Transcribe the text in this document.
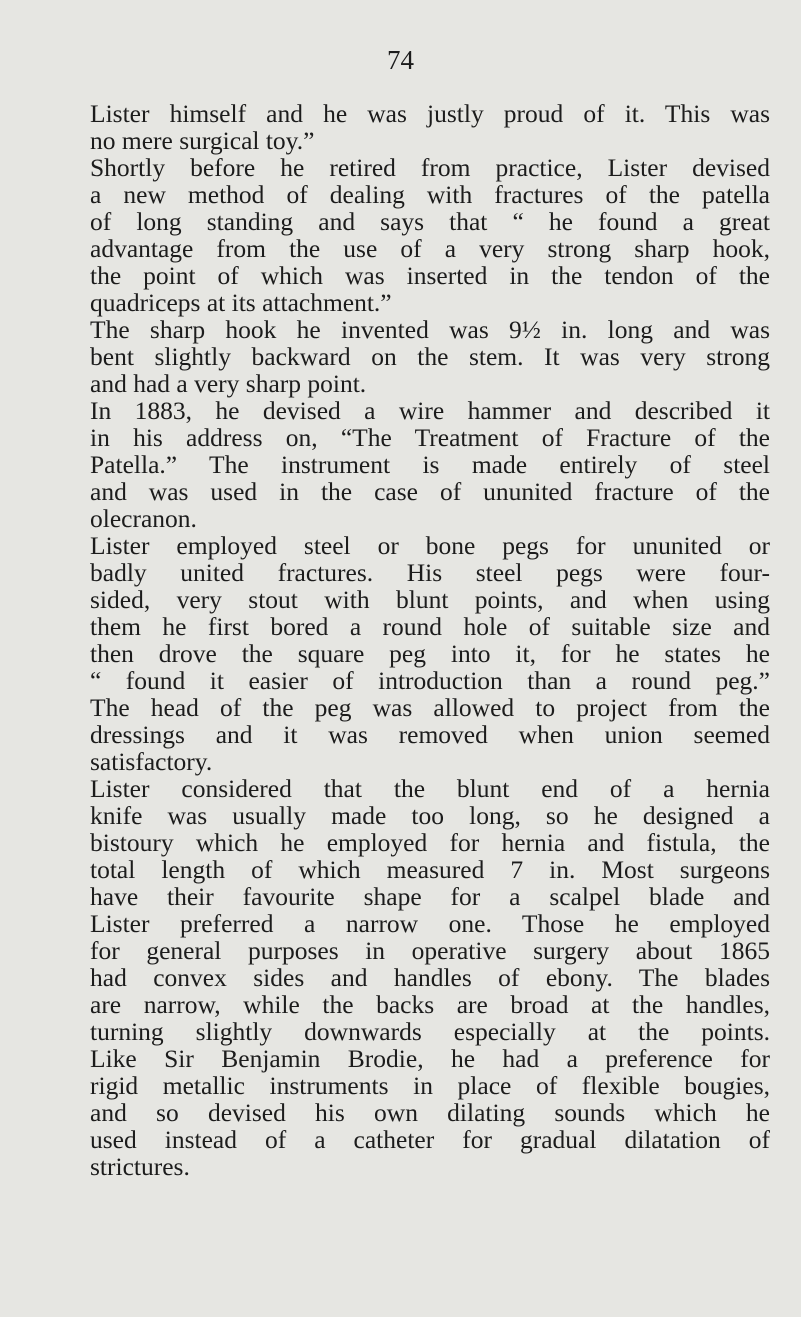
74
Lister himself and he was justly proud of it. This was
no mere surgical toy.”
Shortly before he retired from practice, Lister devised
a new method of dealing with fractures of the patella
of long standing and says that “ he found a great
advantage from the use of a very strong sharp hook,
the point of which was inserted in the tendon of the
quadriceps at its attachment.”
The sharp hook he invented was 9½ in. long and was
bent slightly backward on the stem. It was very strong
and had a very sharp point.
In 1883, he devised a wire hammer and described it
in his address on, “The Treatment of Fracture of the
Patella.” The instrument is made entirely of steel
and was used in the case of ununited fracture of the
olecranon.
Lister employed steel or bone pegs for ununited or
badly united fractures. His steel pegs were four-
sided, very stout with blunt points, and when using
them he first bored a round hole of suitable size and
then drove the square peg into it, for he states he
“ found it easier of introduction than a round peg.”
The head of the peg was allowed to project from the
dressings and it was removed when union seemed
satisfactory.
Lister considered that the blunt end of a hernia
knife was usually made too long, so he designed a
bistoury which he employed for hernia and fistula, the
total length of which measured 7 in. Most surgeons
have their favourite shape for a scalpel blade and
Lister preferred a narrow one. Those he employed
for general purposes in operative surgery about 1865
had convex sides and handles of ebony. The blades
are narrow, while the backs are broad at the handles,
turning slightly downwards especially at the points.
Like Sir Benjamin Brodie, he had a preference for
rigid metallic instruments in place of flexible bougies,
and so devised his own dilating sounds which he
used instead of a catheter for gradual dilatation of
strictures.
